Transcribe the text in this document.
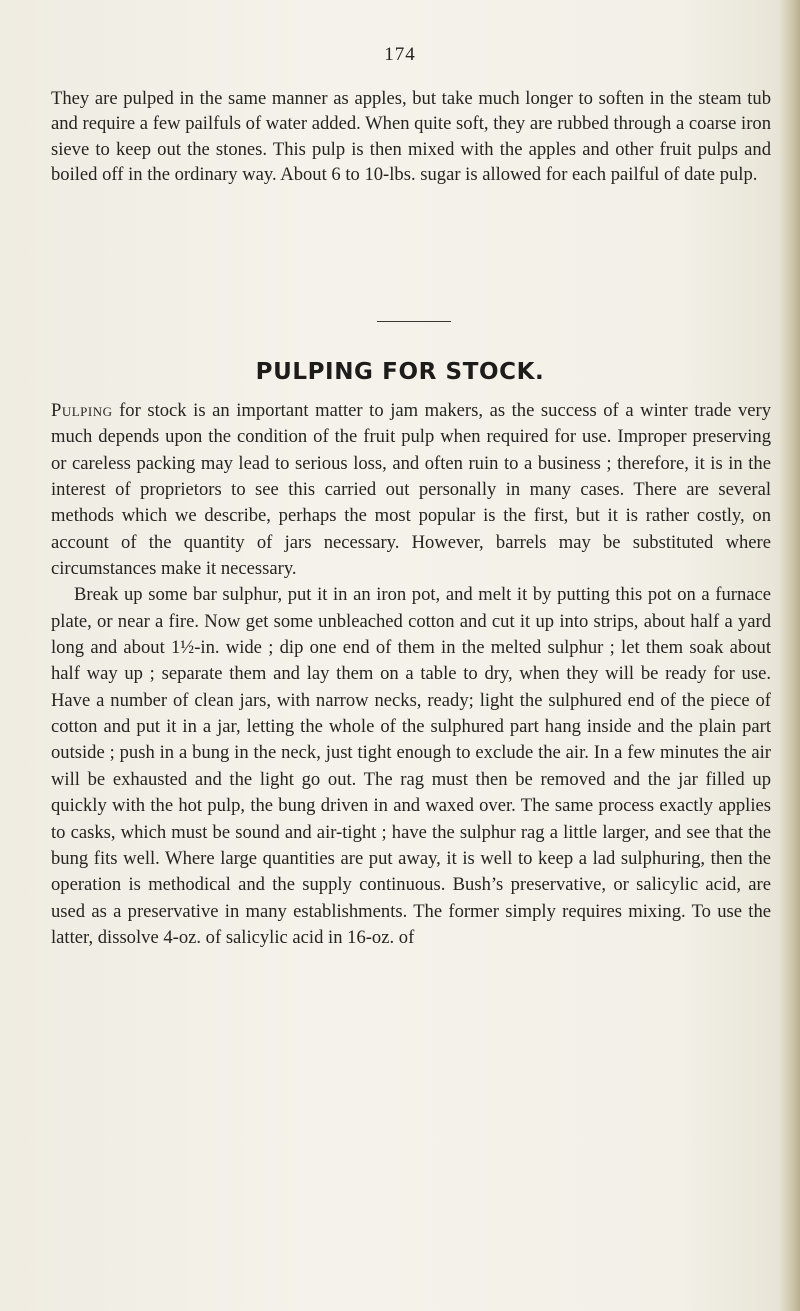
174

They are pulped in the same manner as apples, but take much longer to soften in the steam tub and require a few pailfuls of water added. When quite soft, they are rubbed through a coarse iron sieve to keep out the stones. This pulp is then mixed with the apples and other fruit pulps and boiled off in the ordinary way. About 6 to 10-lbs. sugar is allowed for each pailful of date pulp.

PULPING FOR STOCK.

Pulping for stock is an important matter to jam makers, as the success of a winter trade very much depends upon the condition of the fruit pulp when required for use. Improper preserving or careless packing may lead to serious loss, and often ruin to a business ; therefore, it is in the interest of proprietors to see this carried out personally in many cases. There are several methods which we describe, perhaps the most popular is the first, but it is rather costly, on account of the quantity of jars necessary. However, barrels may be substituted where circumstances make it necessary.

Break up some bar sulphur, put it in an iron pot, and melt it by putting this pot on a furnace plate, or near a fire. Now get some unbleached cotton and cut it up into strips, about half a yard long and about 1½-in. wide ; dip one end of them in the melted sulphur ; let them soak about half way up ; separate them and lay them on a table to dry, when they will be ready for use. Have a number of clean jars, with narrow necks, ready; light the sulphured end of the piece of cotton and put it in a jar, letting the whole of the sulphured part hang inside and the plain part outside ; push in a bung in the neck, just tight enough to exclude the air. In a few minutes the air will be exhausted and the light go out. The rag must then be removed and the jar filled up quickly with the hot pulp, the bung driven in and waxed over. The same process exactly applies to casks, which must be sound and air-tight ; have the sulphur rag a little larger, and see that the bung fits well. Where large quantities are put away, it is well to keep a lad sulphuring, then the operation is methodical and the supply continuous. Bush’s preservative, or salicylic acid, are used as a preservative in many establishments. The former simply requires mixing. To use the latter, dissolve 4-oz. of salicylic acid in 16-oz. of
